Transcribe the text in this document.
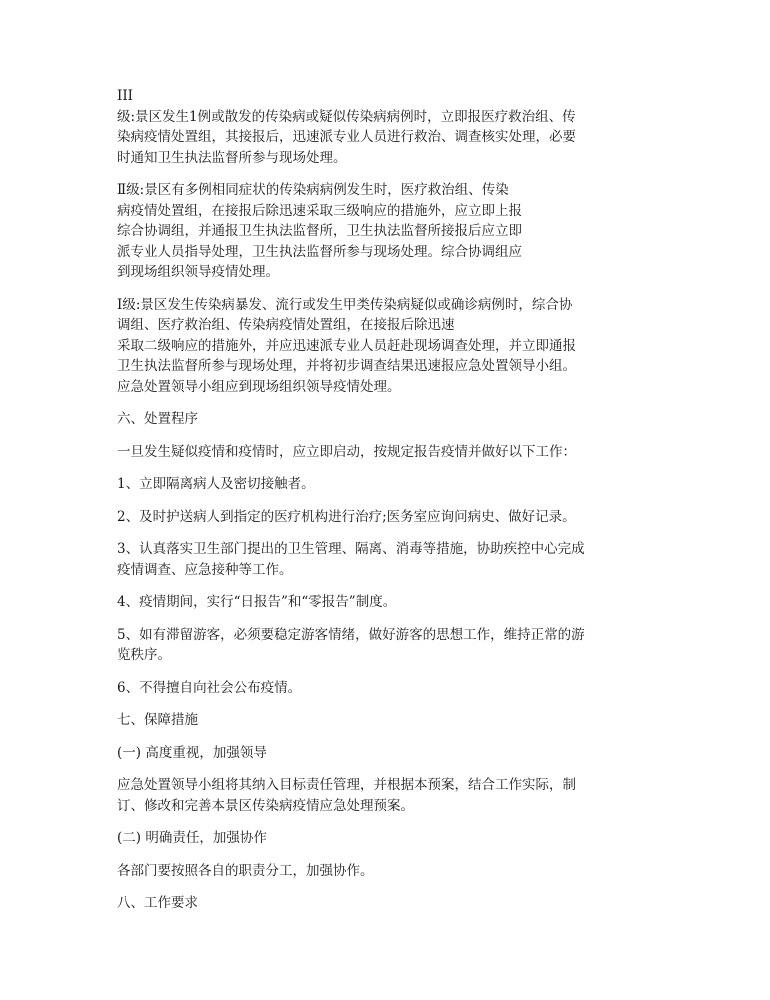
III
级:景区发生1例或散发的传染病或疑似传染病病例时，立即报医疗救治组、传
染病疫情处置组，其接报后，迅速派专业人员进行救治、调查核实处理，必要
时通知卫生执法监督所参与现场处理。

Ⅱ级:景区有多例相同症状的传染病病例发生时，医疗救治组、传染
病疫情处置组，在接报后除迅速采取三级响应的措施外，应立即上报
综合协调组，并通报卫生执法监督所，卫生执法监督所接报后应立即
派专业人员指导处理，卫生执法监督所参与现场处理。综合协调组应
到现场组织领导疫情处理。

Ⅰ级:景区发生传染病暴发、流行或发生甲类传染病疑似或确诊病例时，综合协
调组、医疗救治组、传染病疫情处置组，在接报后除迅速
采取二级响应的措施外，并应迅速派专业人员赶赴现场调查处理，并立即通报
卫生执法监督所参与现场处理，并将初步调查结果迅速报应急处置领导小组。
应急处置领导小组应到现场组织领导疫情处理。

六、处置程序

一旦发生疑似疫情和疫情时，应立即启动，按规定报告疫情并做好以下工作：

1、立即隔离病人及密切接触者。

2、及时护送病人到指定的医疗机构进行治疗;医务室应询问病史、做好记录。

3、认真落实卫生部门提出的卫生管理、隔离、消毒等措施，协助疾控中心完成
疫情调查、应急接种等工作。

4、疫情期间，实行“日报告”和“零报告”制度。

5、如有滞留游客，必须要稳定游客情绪，做好游客的思想工作，维持正常的游
览秩序。

6、不得擅自向社会公布疫情。

七、保障措施

(一) 高度重视，加强领导

应急处置领导小组将其纳入目标责任管理，并根据本预案，结合工作实际，制
订、修改和完善本景区传染病疫情应急处理预案。

(二) 明确责任，加强协作

各部门要按照各自的职责分工，加强协作。

八、工作要求
